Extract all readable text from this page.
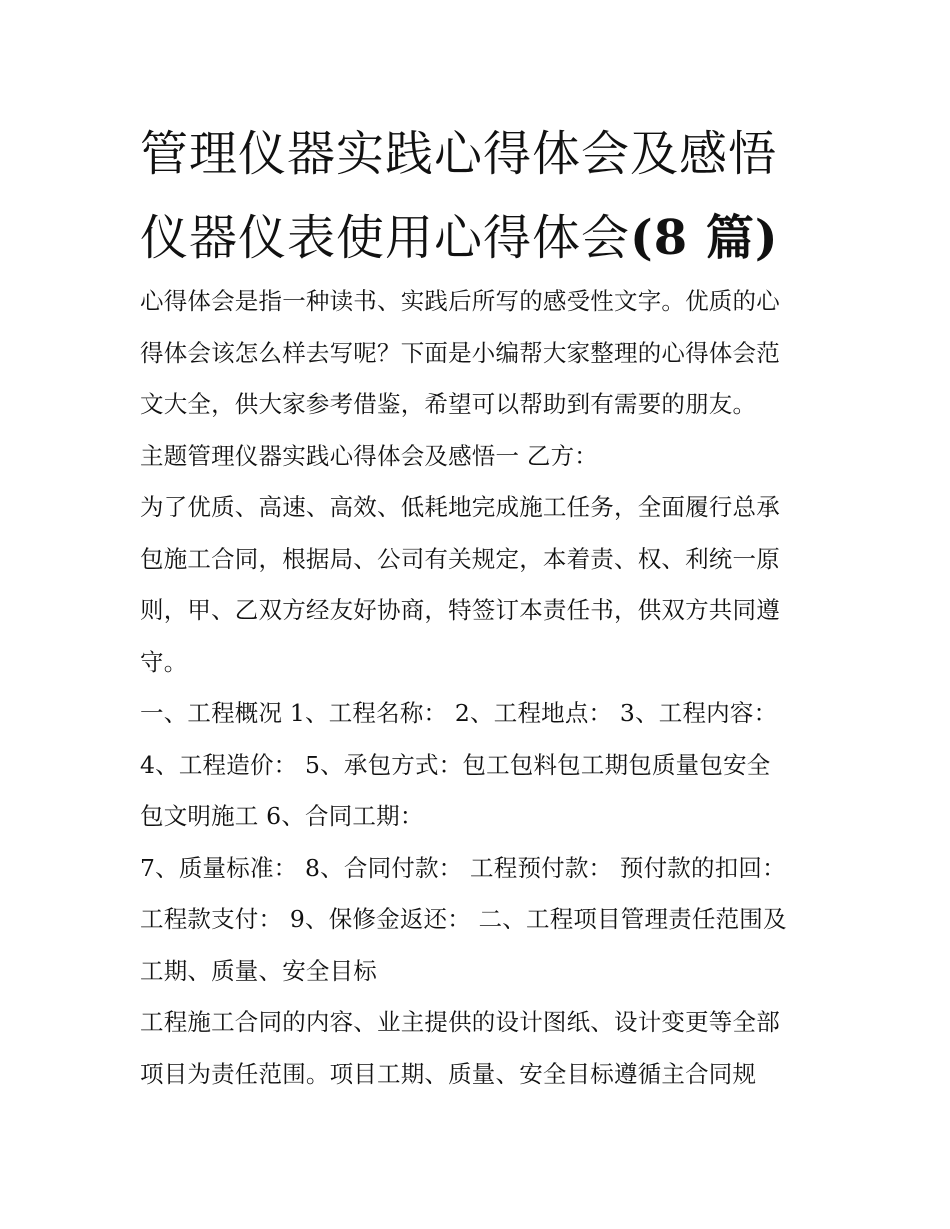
管理仪器实践心得体会及感悟
仪器仪表使用心得体会(8 篇)

心得体会是指一种读书、实践后所写的感受性文字。优质的心

得体会该怎么样去写呢？下面是小编帮大家整理的心得体会范

文大全，供大家参考借鉴，希望可以帮助到有需要的朋友。

主题管理仪器实践心得体会及感悟一 乙方：

为了优质、高速、高效、低耗地完成施工任务，全面履行总承

包施工合同，根据局、公司有关规定，本着责、权、利统一原

则，甲、乙双方经友好协商，特签订本责任书，供双方共同遵

守。

一、工程概况 1、工程名称： 2、工程地点： 3、工程内容：

4、工程造价： 5、承包方式：包工包料包工期包质量包安全

包文明施工 6、合同工期：

7、质量标准： 8、合同付款： 工程预付款： 预付款的扣回：

工程款支付： 9、保修金返还： 二、工程项目管理责任范围及

工期、质量、安全目标

工程施工合同的内容、业主提供的设计图纸、设计变更等全部

项目为责任范围。项目工期、质量、安全目标遵循主合同规
